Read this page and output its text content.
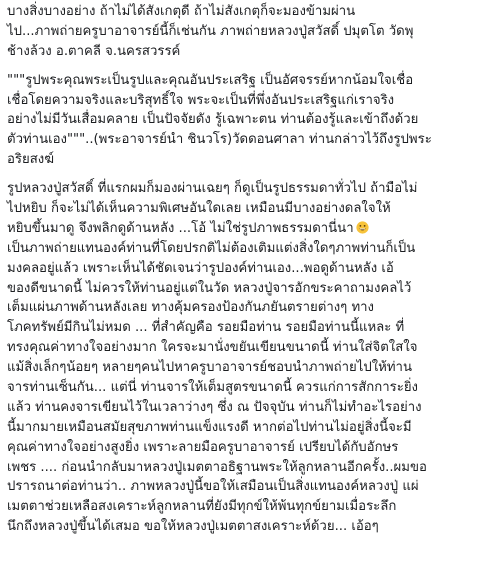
บางสิ่งบางอย่าง ถ้าไม่ได้สังเกตุดี ถ้าไม่สังเกตุก็จะมองข้ามผ่าน
ไป...ภาพถ่ายครูบาอาจารย์นี้ก็เช่นกัน ภาพถ่ายหลวงปู่สวัสดิ์ ปมุตโต วัดพุ
ช้างล้วง อ.ตาคลี จ.นครสวรรค์
"""รูปพระคุณพระเป็นรูปและคุณอันประเสริฐ เป็นอัศจรรย์หากน้อมใจเชื่อ
เชื่อโดยความจริงและบริสุทธิ์ใจ พระจะเป็นที่พึ่งอันประเสริฐแก่เราจริง
อย่างไม่มีวันเสื่อมคลาย เป็นปัจจัยดัง รู้เฉพาะตน ท่านต้องรู้และเข้าถึงด้วย
ตัวท่านเอง"""..(พระอาจารย์นำ ชินวโร)วัดดอนศาลา ท่านกล่าวไว้ถึงรูปพระ
อริยสงฆ์
รูปหลวงปู่สวัสดิ์ ที่แรกผมก็มองผ่านเฉยๆ ก็ดูเป็นรูปธรรมดาทั่วไป ถ้ามือไม่
ไปหยิบ ก็จะไม่ได้เห็นความพิเศษอันใดเลย เหมือนมีบางอย่างดลใจให้
หยิบขึ้นมาดู จึงพลิกดูด้านหลัง ...โอ้ ไม่ใช่รูปภาพธรรมดานี่นา
เป็นภาพถ่ายแทนองค์ท่านที่โดยปรกติไม่ต้องเติมแต่งสิ่งใดๆภาพท่านก็เป็น
มงคลอยู่แล้ว เพราะเห็นได้ชัดเจนว่ารูปองค์ท่านเอง...พอดูด้านหลัง เอ้
ของดีขนาดนี้ ไม่ควรให้ท่านอยู่แต่ในวัด หลวงปู่จารอักขระคาถามงคลไว้
เต็มแผ่นภาพด้านหลังเลย ทางคุ้มครองป้องกันภยันตรายต่างๆ ทาง
โภคทรัพย์มีกินไม่หมด ... ที่สำคัญคือ รอยมือท่าน รอยมือท่านนี้แหละ ที่
ทรงคุณค่าทางใจอย่างมาก ใครจะมานั่งขยันเขียนขนาดนี้ ท่านใส่จิตใสใจ
แม้สิ่งเล็กๆน้อยๆ หลายๆคนไปหาครูบาอาจารย์ชอบนำภาพถ่ายไปให้ท่าน
จารท่านเซ็นกัน... แต่นี่ ท่านจารให้เต็มสูตรขนาดนี้ ควรแก่การสักการะยิ่ง
แล้ว ท่านคงจารเขียนไว้ในเวลาว่างๆ ซึ่ง ณ ปัจจุบัน ท่านก็ไม่ทำอะไรอย่าง
นี้มากมายเหมือนสมัยสุขภาพท่านแข็งแรงดี หากต่อไปท่านไม่อยู่สิ่งนี้จะมี
คุณค่าทางใจอย่างสูงยิ่ง เพราะลายมือครูบาอาจารย์ เปรียบได้กับอักษร
เพชร .... ก่อนนำกลับมาหลวงปู่เมตตาอธิฐานพระให้ลูกหลานอีกครั้ง..ผมขอ
ปรารถนาต่อท่านว่า.. ภาพหลวงปู่นี้ขอให้เสมือนเป็นสิ่งแทนองค์หลวงปู่ แผ่
เมตตาช่วยเหลือสงเคราะห์ลูกหลานที่ยังมีทุกข์ให้พ้นทุกข์ยามเมื่อระลึก
นึกถึงหลวงปู่ขึ้นได้เสมอ ขอให้หลวงปู่เมตตาสงเคราะห์ด้วย... เอ้อๆ
